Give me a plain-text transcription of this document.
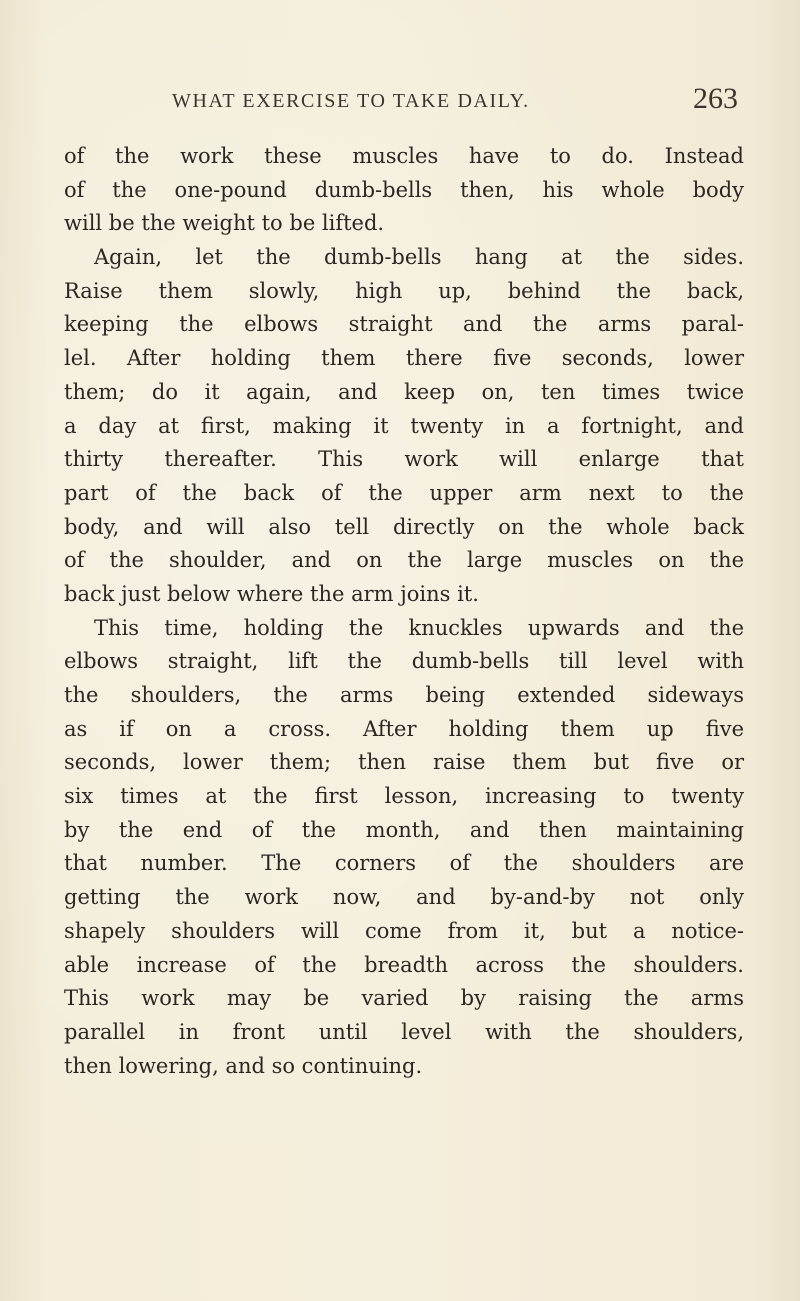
WHAT EXERCISE TO TAKE DAILY.	263
of the work these muscles have to do. Instead
of the one-pound dumb-bells then, his whole body
will be the weight to be lifted.
Again, let the dumb-bells hang at the sides.
Raise them slowly, high up, behind the back,
keeping the elbows straight and the arms paral-
lel. After holding them there five seconds, lower
them; do it again, and keep on, ten times twice
a day at first, making it twenty in a fortnight, and
thirty thereafter. This work will enlarge that
part of the back of the upper arm next to the
body, and will also tell directly on the whole back
of the shoulder, and on the large muscles on the
back just below where the arm joins it.
This time, holding the knuckles upwards and the
elbows straight, lift the dumb-bells till level with
the shoulders, the arms being extended sideways
as if on a cross. After holding them up five
seconds, lower them; then raise them but five or
six times at the first lesson, increasing to twenty
by the end of the month, and then maintaining
that number. The corners of the shoulders are
getting the work now, and by-and-by not only
shapely shoulders will come from it, but a notice-
able increase of the breadth across the shoulders.
This work may be varied by raising the arms
parallel in front until level with the shoulders,
then lowering, and so continuing.
